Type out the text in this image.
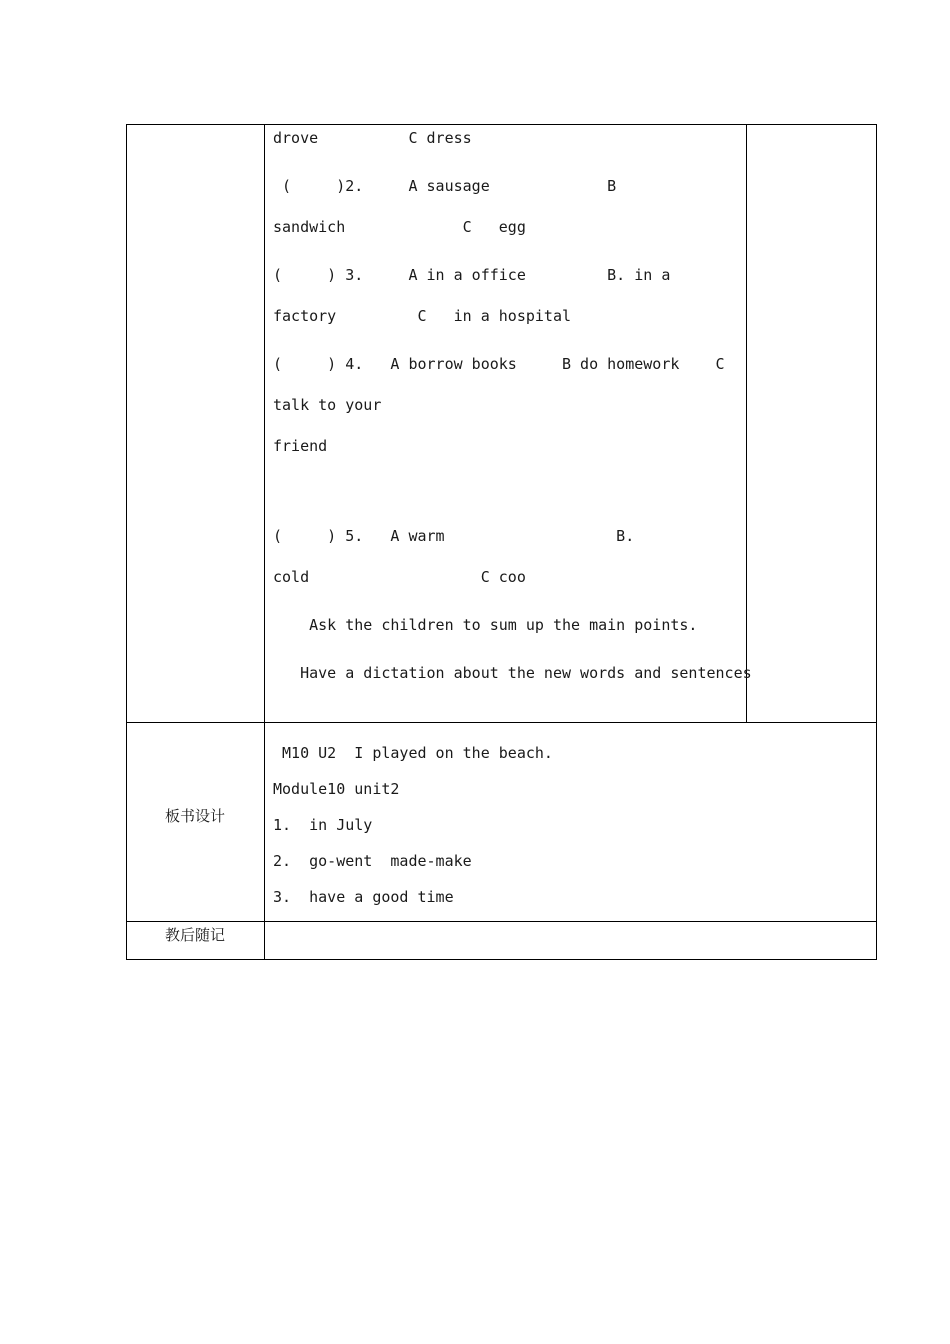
drove          C dress
(     )2.     A sausage             B
sandwich             C   egg
(     ) 3.     A in a office         B. in a
factory         C   in a hospital
(     ) 4.   A borrow books     B do homework    C
talk to your
friend
(     ) 5.   A warm                   B.
cold                   C coo
Ask the children to sum up the main points.
Have a dictation about the new words and sentences
板书设计
M10 U2  I played on the beach.
Module10 unit2
1.  in July
2.  go-went  made-make
3.  have a good time
教后随记
